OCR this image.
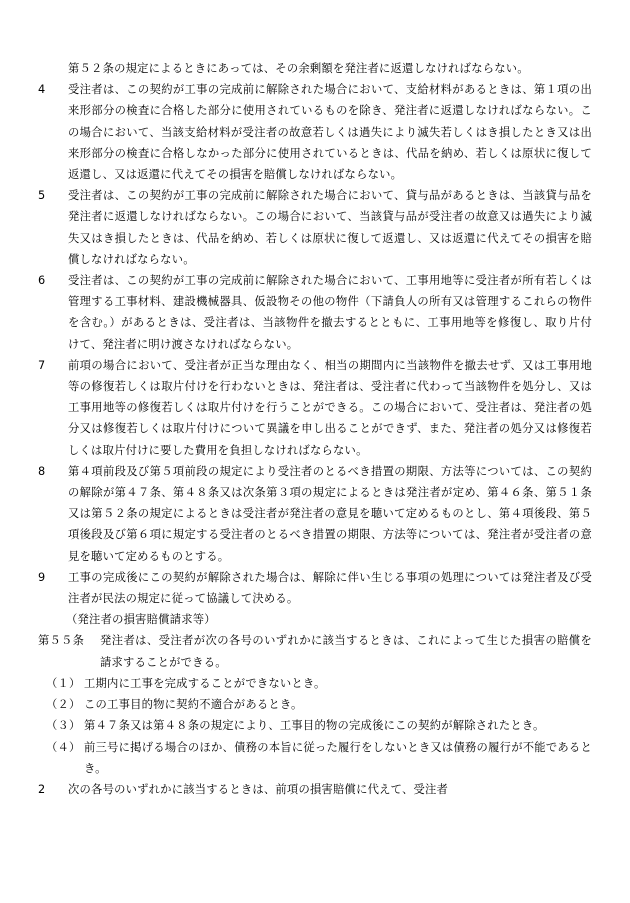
第５２条の規定によるときにあっては、その余剰額を発注者に返還しなければならない。
4	受注者は、この契約が工事の完成前に解除された場合において、支給材料があるときは、第１項の出来形部分の検査に合格した部分に使用されているものを除き、発注者に返還しなければならない。この場合において、当該支給材料が受注者の故意若しくは過失により滅失若しくはき損したとき又は出来形部分の検査に合格しなかった部分に使用されているときは、代品を納め、若しくは原状に復して返還し、又は返還に代えてその損害を賠償しなければならない。
5	受注者は、この契約が工事の完成前に解除された場合において、貸与品があるときは、当該貸与品を発注者に返還しなければならない。この場合において、当該貸与品が受注者の故意又は過失により滅失又はき損したときは、代品を納め、若しくは原状に復して返還し、又は返還に代えてその損害を賠償しなければならない。
6	受注者は、この契約が工事の完成前に解除された場合において、工事用地等に受注者が所有若しくは管理する工事材料、建設機械器具、仮設物その他の物件（下請負人の所有又は管理するこれらの物件を含む。）があるときは、受注者は、当該物件を撤去するとともに、工事用地等を修復し、取り片付けて、発注者に明け渡さなければならない。
7	前項の場合において、受注者が正当な理由なく、相当の期間内に当該物件を撤去せず、又は工事用地等の修復若しくは取片付けを行わないときは、発注者は、受注者に代わって当該物件を処分し、又は工事用地等の修復若しくは取片付けを行うことができる。この場合において、受注者は、発注者の処分又は修復若しくは取片付けについて異議を申し出ることができず、また、発注者の処分又は修復若しくは取片付けに要した費用を負担しなければならない。
8	第４項前段及び第５項前段の規定により受注者のとるべき措置の期限、方法等については、この契約の解除が第４７条、第４８条又は次条第３項の規定によるときは発注者が定め、第４６条、第５１条又は第５２条の規定によるときは受注者が発注者の意見を聴いて定めるものとし、第４項後段、第５項後段及び第６項に規定する受注者のとるべき措置の期限、方法等については、発注者が受注者の意見を聴いて定めるものとする。
9	工事の完成後にこの契約が解除された場合は、解除に伴い生じる事項の処理については発注者及び受注者が民法の規定に従って協議して決める。
（発注者の損害賠償請求等）
第５５条	発注者は、受注者が次の各号のいずれかに該当するときは、これによって生じた損害の賠償を請求することができる。
（１） 工期内に工事を完成することができないとき。
（２） この工事目的物に契約不適合があるとき。
（３） 第４７条又は第４８条の規定により、工事目的物の完成後にこの契約が解除されたとき。
（４） 前三号に掲げる場合のほか、債務の本旨に従った履行をしないとき又は債務の履行が不能であるとき。
2	次の各号のいずれかに該当するときは、前項の損害賠償に代えて、受注者
